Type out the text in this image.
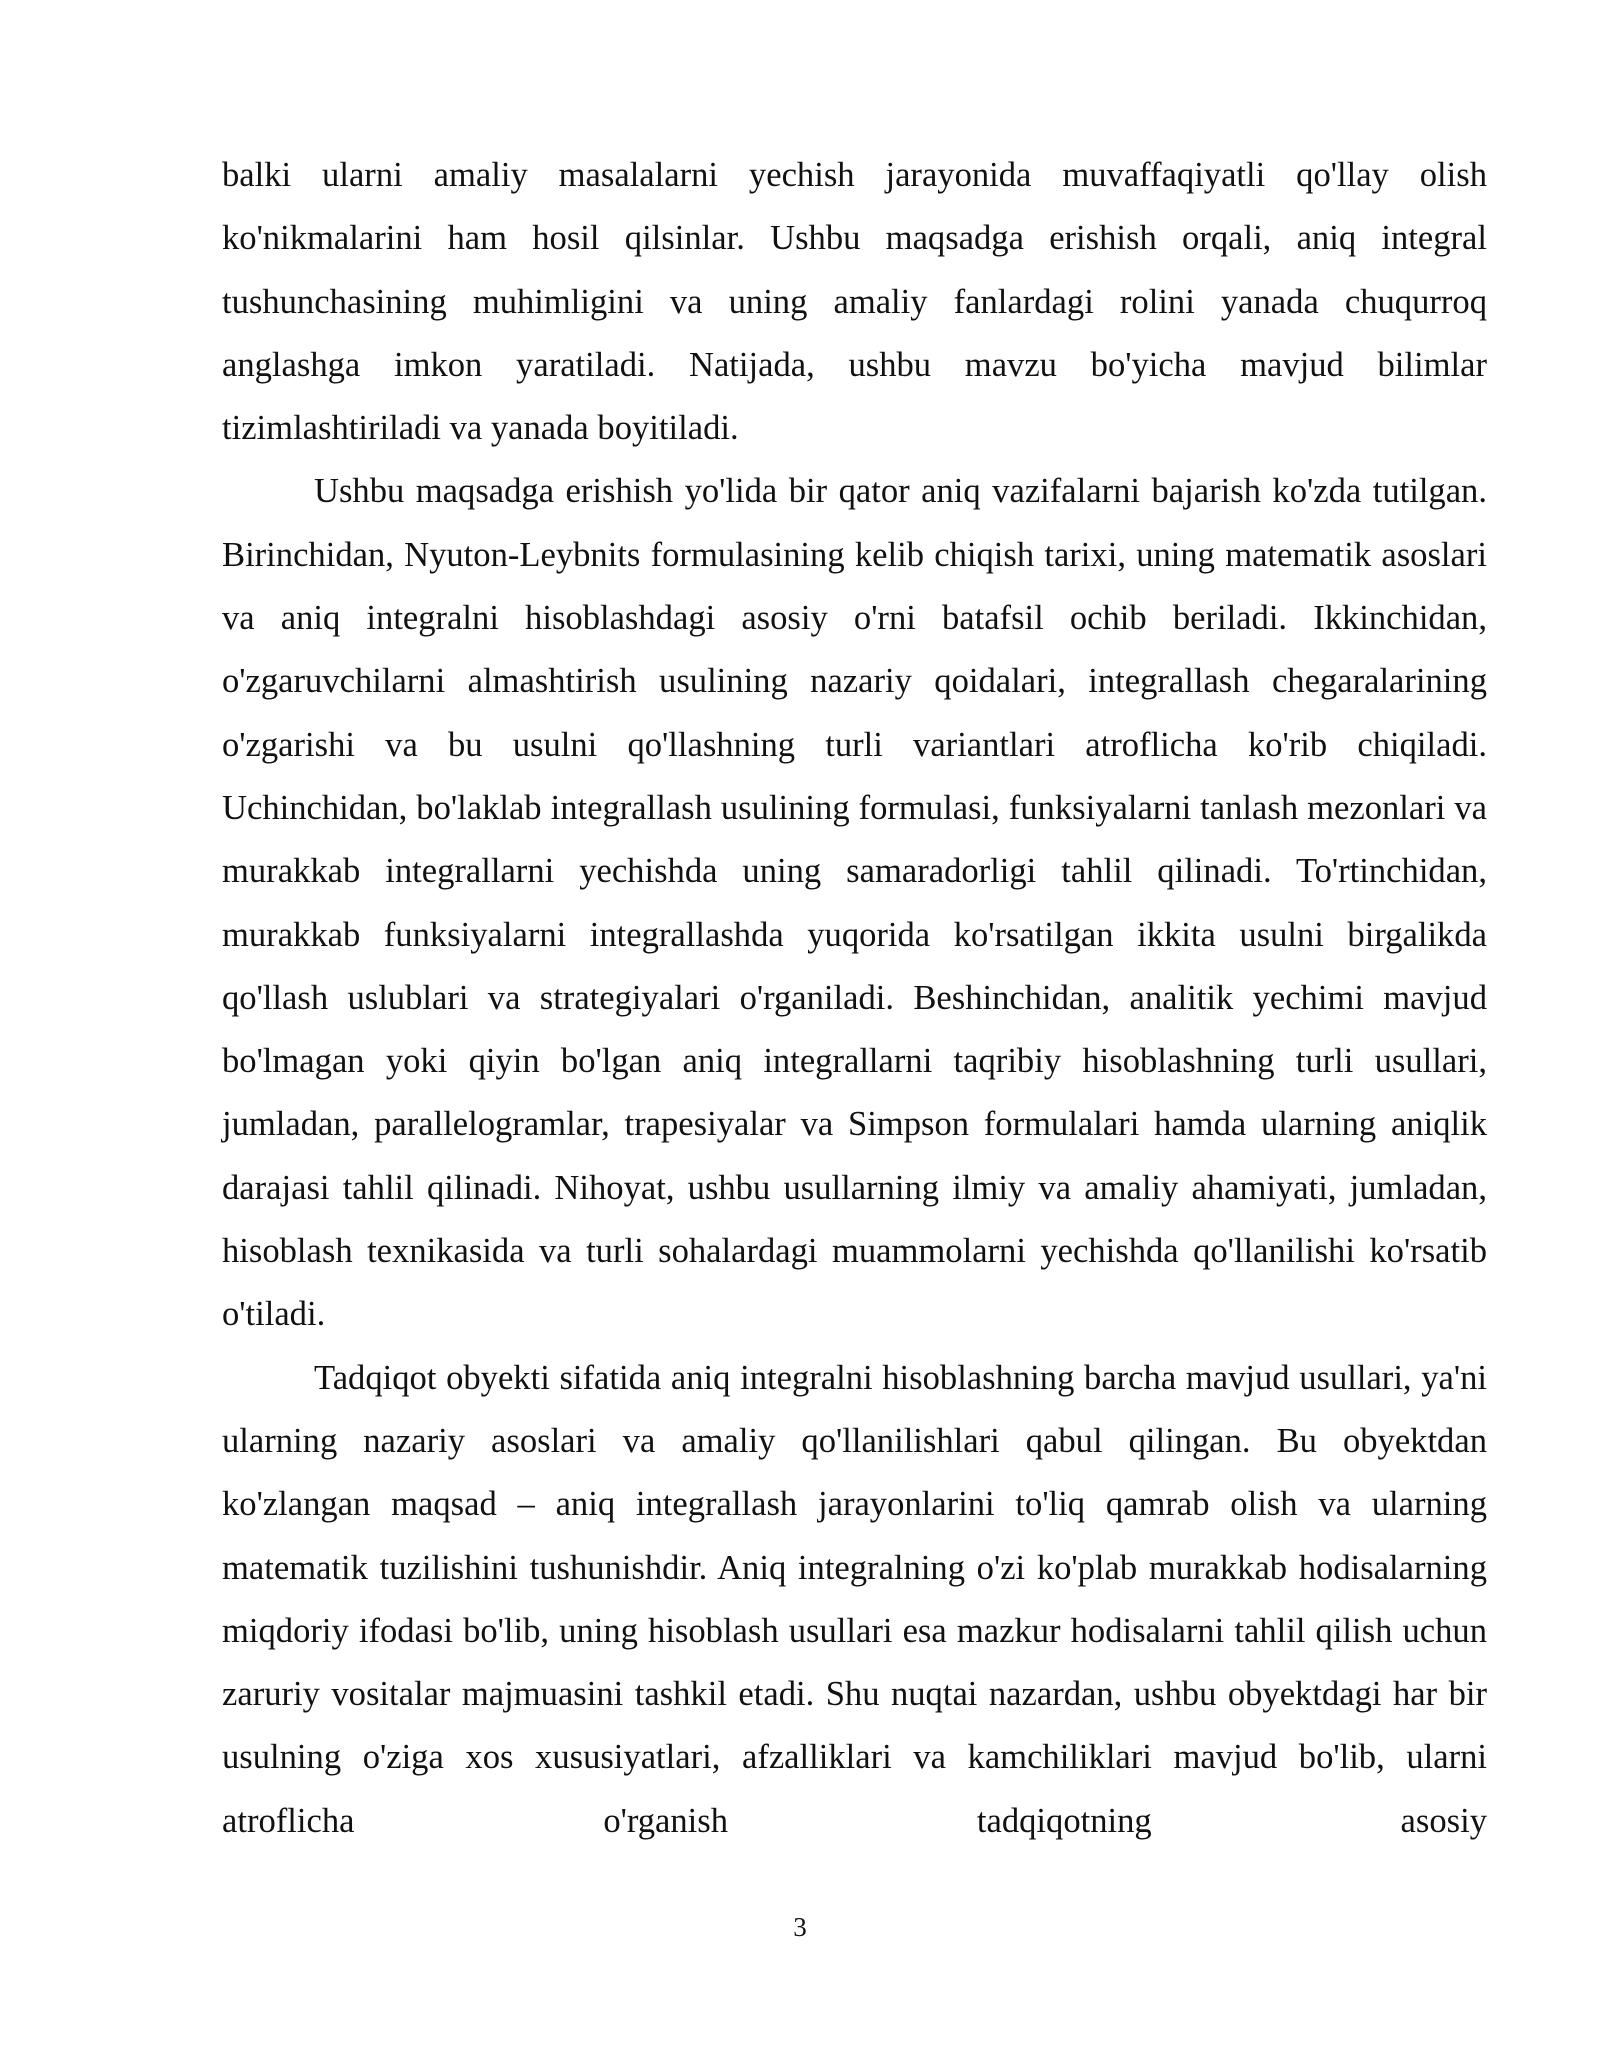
balki ularni amaliy masalalarni yechish jarayonida muvaffaqiyatli qo'llay olish ko'nikmalarini ham hosil qilsinlar. Ushbu maqsadga erishish orqali, aniq integral tushunchasining muhimligini va uning amaliy fanlardagi rolini yanada chuqurroq anglashga imkon yaratiladi. Natijada, ushbu mavzu bo'yicha mavjud bilimlar tizimlashtiriladi va yanada boyitiladi.

Ushbu maqsadga erishish yo'lida bir qator aniq vazifalarni bajarish ko'zda tutilgan. Birinchidan, Nyuton-Leybnits formulasining kelib chiqish tarixi, uning matematik asoslari va aniq integralni hisoblashdagi asosiy o'rni batafsil ochib beriladi. Ikkinchidan, o'zgaruvchilarni almashtirish usulining nazariy qoidalari, integrallash chegaralarining o'zgarishi va bu usulni qo'llashning turli variantlari atroflicha ko'rib chiqiladi. Uchinchidan, bo'laklab integrallash usulining formulasi, funksiyalarni tanlash mezonlari va murakkab integrallarni yechishda uning samaradorligi tahlil qilinadi. To'rtinchidan, murakkab funksiyalarni integrallashda yuqorida ko'rsatilgan ikkita usulni birgalikda qo'llash uslublari va strategiyalari o'rganiladi. Beshinchidan, analitik yechimi mavjud bo'lmagan yoki qiyin bo'lgan aniq integrallarni taqribiy hisoblashning turli usullari, jumladan, parallelogramlar, trapesiyalar va Simpson formulalari hamda ularning aniqlik darajasi tahlil qilinadi. Nihoyat, ushbu usullarning ilmiy va amaliy ahamiyati, jumladan, hisoblash texnikasida va turli sohalardagi muammolarni yechishda qo'llanilishi ko'rsatib o'tiladi.

Tadqiqot obyekti sifatida aniq integralni hisoblashning barcha mavjud usullari, ya'ni ularning nazariy asoslari va amaliy qo'llanilishlari qabul qilingan. Bu obyektdan ko'zlangan maqsad – aniq integrallash jarayonlarini to'liq qamrab olish va ularning matematik tuzilishini tushunishdir. Aniq integralning o'zi ko'plab murakkab hodisalarning miqdoriy ifodasi bo'lib, uning hisoblash usullari esa mazkur hodisalarni tahlil qilish uchun zaruriy vositalar majmuasini tashkil etadi. Shu nuqtai nazardan, ushbu obyektdagi har bir usulning o'ziga xos xususiyatlari, afzalliklari va kamchiliklari mavjud bo'lib, ularni atroflicha o'rganish tadqiqotning asosiy

3
